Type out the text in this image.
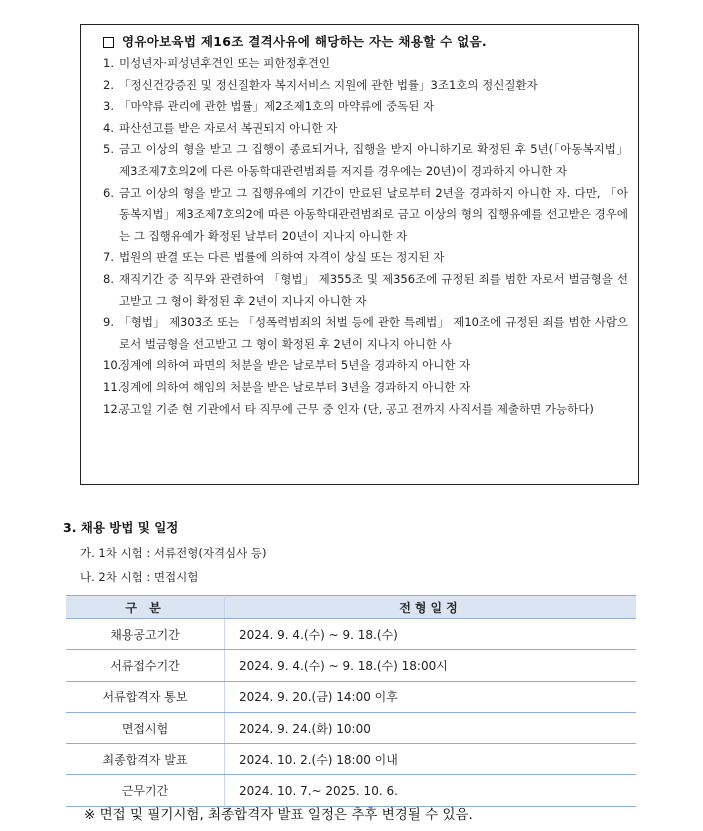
영유아보육법 제16조 결격사유에 해당하는 자는 채용할 수 없음.
1. 미성년자·피성년후견인 또는 피한정후견인
2. 「정신건강증진 및 정신질환자 복지서비스 지원에 관한 법률」3조1호의 정신질환자
3. 「마약류 관리에 관한 법률」제2조제1호의 마약류에 중독된 자
4. 파산선고를 받은 자로서 복권되지 아니한 자
5. 금고 이상의 형을 받고 그 집행이 종료되거나, 집행을 받지 아니하기로 확정된 후 5년(「아동복지법」 제3조제7호의2에 다른 아동학대관련범죄를 저지를 경우에는 20년)이 경과하지 아니한 자
6. 금고 이상의 형을 받고 그 집행유예의 기간이 만료된 날로부터 2년을 경과하지 아니한 자. 다만, 「아동복지법」제3조제7호의2에 따른 아동학대관련범죄로 금고 이상의 형의 집행유예를 선고받은 경우에는 그 집행유예가 확정된 날부터 20년이 지나지 아니한 자
7. 법원의 판결 또는 다른 법률에 의하여 자격이 상실 또는 정지된 자
8. 재직기간 중 직무와 관련하여 「형법」 제355조 및 제356조에 규정된 죄를 범한 자로서 벌금형을 선고받고 그 형이 확정된 후 2년이 지나지 아니한 자
9. 「형법」 제303조 또는 「성폭력범죄의 처벌 등에 관한 특례법」 제10조에 규정된 죄를 범한 사람으로서 벌금형을 선고받고 그 형이 확정된 후 2년이 지나지 아니한 사
10.
징계에 의하여 파면의 처분을 받은 날로부터 5년을 경과하지 아니한 자
11.
징계에 의하여 해임의 처분을 받은 날로부터 3년을 경과하지 아니한 자
12.
공고일 기준 현 기관에서 타 직무에 근무 중 인자 (단, 공고 전까지 사직서를 제출하면 가능하다)
3. 채용 방법 및 일정
가. 1차 시험 : 서류전형(자격심사 등)
나. 2차 시험 : 면접시험
구 분	전형일정
채용공고기간	2024. 9. 4.(수) ~ 9. 18.(수)
서류접수기간	2024. 9. 4.(수) ~ 9. 18.(수) 18:00시
서류합격자 통보	2024. 9. 20.(금) 14:00 이후
면접시험	2024. 9. 24.(화) 10:00
최종합격자 발표	2024. 10. 2.(수) 18:00 이내
근무기간	2024. 10. 7.~ 2025. 10. 6.
※ 면접 및 필기시험, 최종합격자 발표 일정은 추후 변경될 수 있음.
